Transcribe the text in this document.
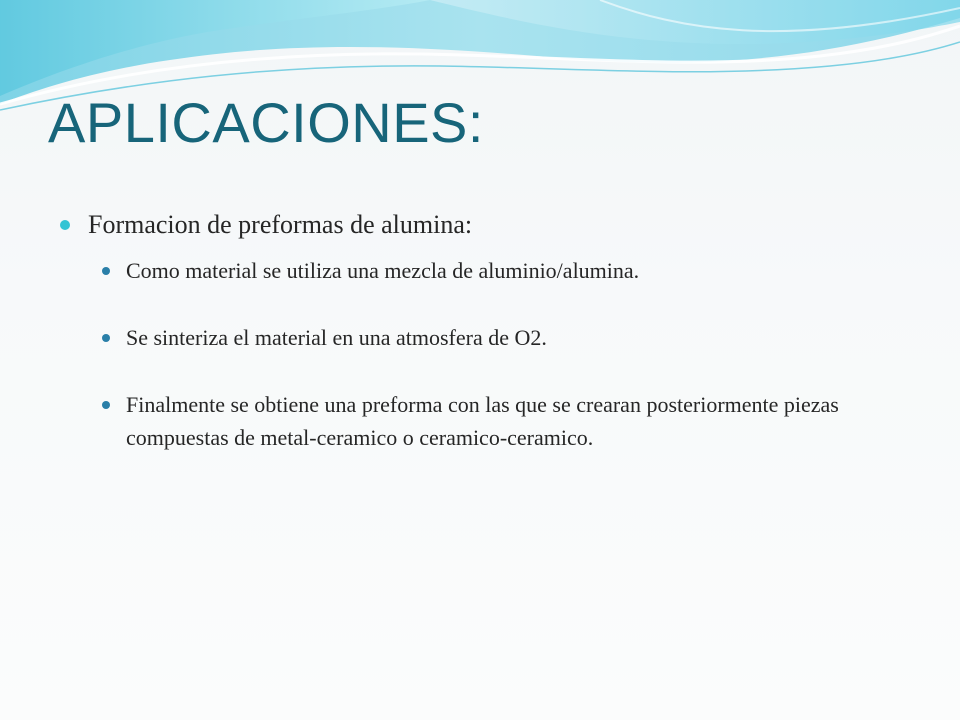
APLICACIONES:
Formacion de preformas de alumina:
Como material se utiliza una mezcla de aluminio/alumina.
Se sinteriza el material en una atmosfera de O2.
Finalmente se obtiene una preforma con las que se crearan posteriormente piezas compuestas de metal-ceramico o ceramico-ceramico.
